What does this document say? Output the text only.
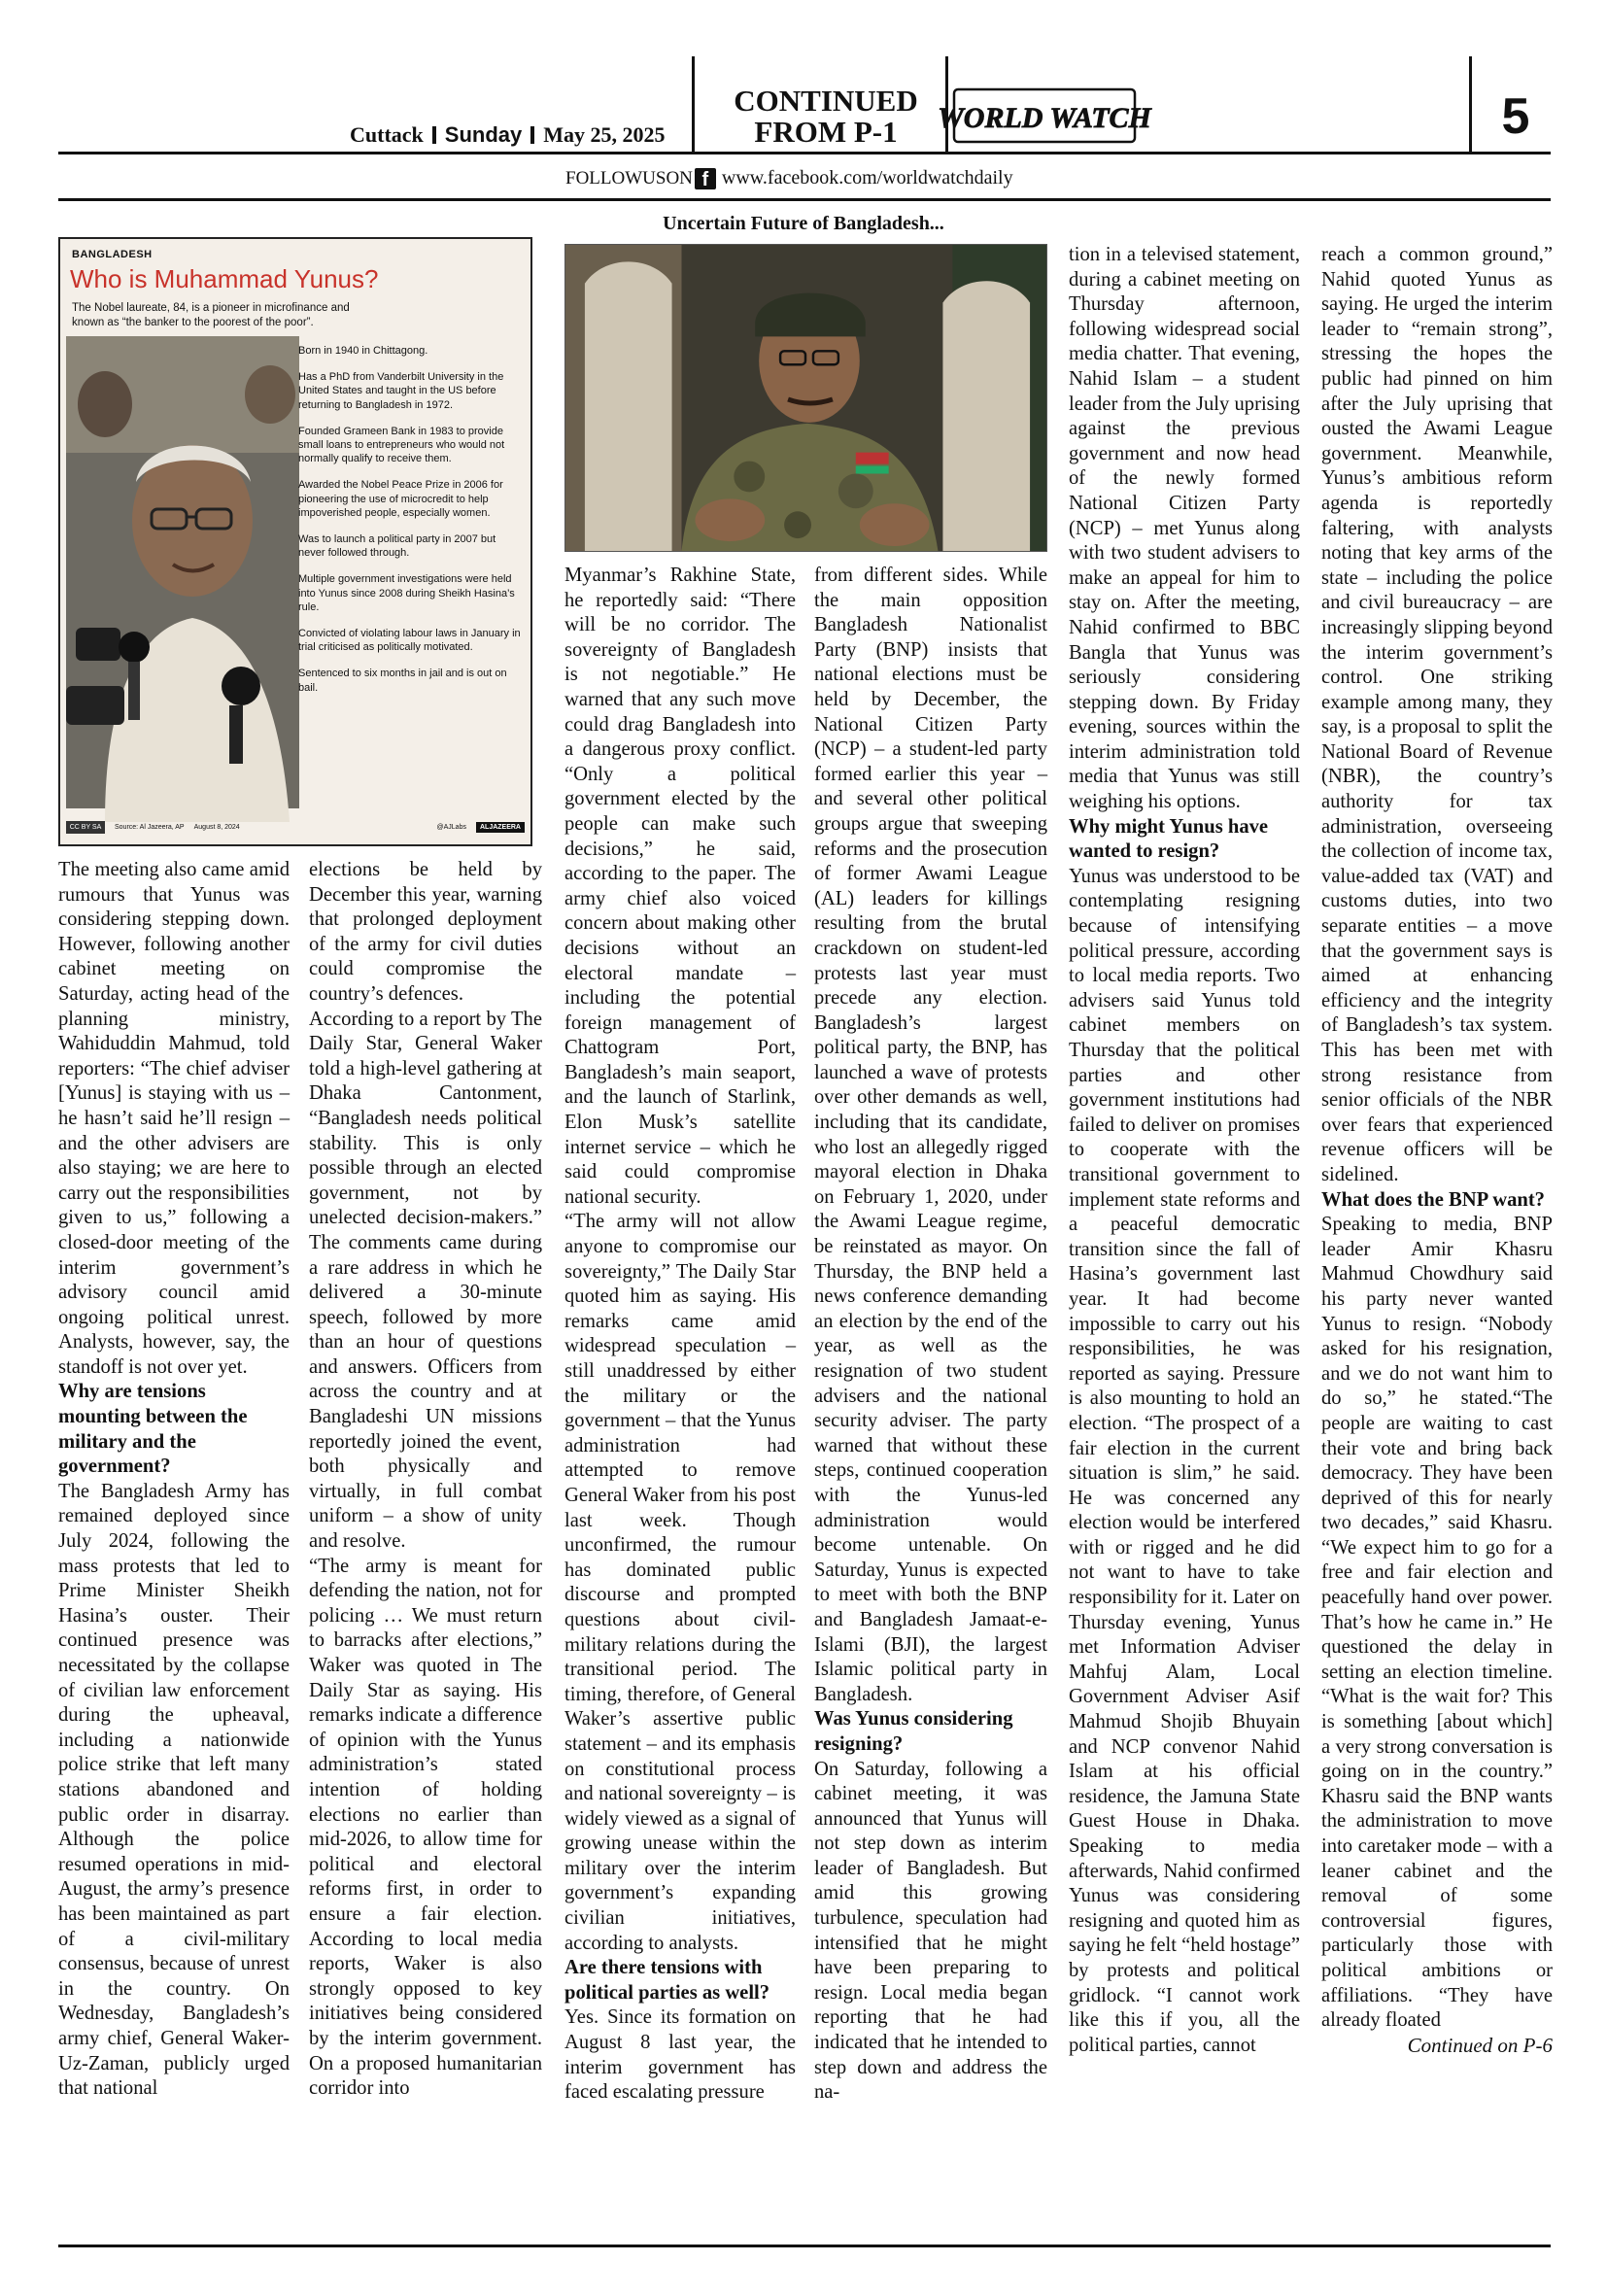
Cuttack Sunday May 25, 2025
CONTINUED
FROM P-1	WORLD WATCH	5
FOLLOWUSON f www.facebook.com/worldwatchdaily
Uncertain Future of Bangladesh...
BANGLADESH
Who is Muhammad Yunus?
The Nobel laureate, 84, is a pioneer in microfinance and known as “the banker to the poorest of the poor”.
Born in 1940 in Chittagong.
Has a PhD from Vanderbilt University in the United States and taught in the US before returning to Bangladesh in 1972.
Founded Grameen Bank in 1983 to provide small loans to entrepreneurs who would not normally qualify to receive them.
Awarded the Nobel Peace Prize in 2006 for pioneering the use of microcredit to help impoverished people, especially women.
Was to launch a political party in 2007 but never followed through.
Multiple government investigations were held into Yunus since 2008 during Sheikh Hasina’s rule.
Convicted of violating labour laws in January in trial criticised as politically motivated.
Sentenced to six months in jail and is out on bail.
CC BY SA	Source: Al Jazeera, AP August 8, 2024	@AJLabs	ALJAZEERA

The meeting also came amid rumours that Yunus was considering stepping down. However, following another cabinet meeting on Saturday, acting head of the planning ministry, Wahiduddin Mahmud, told reporters: “The chief adviser [Yunus] is staying with us – he hasn’t said he’ll resign – and the other advisers are also staying; we are here to carry out the responsibilities given to us,” following a closed-door meeting of the interim government’s advisory council amid ongoing political unrest. Analysts, however, say, the standoff is not over yet.

Why are tensions mounting between the military and the government?

The Bangladesh Army has remained deployed since July 2024, following the mass protests that led to Prime Minister Sheikh Hasina’s ouster. Their continued presence was necessitated by the collapse of civilian law enforcement during the upheaval, including a nationwide police strike that left many stations abandoned and public order in disarray. Although the police resumed operations in mid-August, the army’s presence has been maintained as part of a civil-military consensus, because of unrest in the country. On Wednesday, Bangladesh’s army chief, General Waker-Uz-Zaman, publicly urged that national

elections be held by December this year, warning that prolonged deployment of the army for civil duties could compromise the country’s defences.

According to a report by The Daily Star, General Waker told a high-level gathering at Dhaka Cantonment, “Bangladesh needs political stability. This is only possible through an elected government, not by unelected decision-makers.” The comments came during a rare address in which he delivered a 30-minute speech, followed by more than an hour of questions and answers. Officers from across the country and at Bangladeshi UN missions reportedly joined the event, both physically and virtually, in full combat uniform – a show of unity and resolve.

“The army is meant for defending the nation, not for policing … We must return to barracks after elections,” Waker was quoted in The Daily Star as saying. His remarks indicate a difference of opinion with the Yunus administration’s stated intention of holding elections no earlier than mid-2026, to allow time for political and electoral reforms first, in order to ensure a fair election. According to local media reports, Waker is also strongly opposed to key initiatives being considered by the interim government. On a proposed humanitarian corridor into

Myanmar’s Rakhine State, he reportedly said: “There will be no corridor. The sovereignty of Bangladesh is not negotiable.” He warned that any such move could drag Bangladesh into a dangerous proxy conflict. “Only a political government elected by the people can make such decisions,” he said, according to the paper. The army chief also voiced concern about making other decisions without an electoral mandate – including the potential foreign management of Chattogram Port, Bangladesh’s main seaport, and the launch of Starlink, Elon Musk’s satellite internet service – which he said could compromise national security.

“The army will not allow anyone to compromise our sovereignty,” The Daily Star quoted him as saying. His remarks came amid widespread speculation – still unaddressed by either the military or the government – that the Yunus administration had attempted to remove General Waker from his post last week. Though unconfirmed, the rumour has dominated public discourse and prompted questions about civil-military relations during the transitional period. The timing, therefore, of General Waker’s assertive public statement – and its emphasis on constitutional process and national sovereignty – is widely viewed as a signal of growing unease within the military over the interim government’s expanding civilian initiatives, according to analysts.

Are there tensions with political parties as well?

Yes. Since its formation on August 8 last year, the interim government has faced escalating pressure

from different sides. While the main opposition Bangladesh Nationalist Party (BNP) insists that national elections must be held by December, the National Citizen Party (NCP) – a student-led party formed earlier this year – and several other political groups argue that sweeping reforms and the prosecution of former Awami League (AL) leaders for killings resulting from the brutal crackdown on student-led protests last year must precede any election. Bangladesh’s largest political party, the BNP, has launched a wave of protests over other demands as well, including that its candidate, who lost an allegedly rigged mayoral election in Dhaka on February 1, 2020, under the Awami League regime, be reinstated as mayor. On Thursday, the BNP held a news conference demanding an election by the end of the year, as well as the resignation of two student advisers and the national security adviser. The party warned that without these steps, continued cooperation with the Yunus-led administration would become untenable. On Saturday, Yunus is expected to meet with both the BNP and Bangladesh Jamaat-e-Islami (BJI), the largest Islamic political party in Bangladesh.

Was Yunus considering resigning?

On Saturday, following a cabinet meeting, it was announced that Yunus will not step down as interim leader of Bangladesh. But amid this growing turbulence, speculation had intensified that he might have been preparing to resign. Local media began reporting that he had indicated that he intended to step down and address the na-

tion in a televised statement, during a cabinet meeting on Thursday afternoon, following widespread social media chatter. That evening, Nahid Islam – a student leader from the July uprising against the previous government and now head of the newly formed National Citizen Party (NCP) – met Yunus along with two student advisers to make an appeal for him to stay on. After the meeting, Nahid confirmed to BBC Bangla that Yunus was seriously considering stepping down. By Friday evening, sources within the interim administration told media that Yunus was still weighing his options.

Why might Yunus have wanted to resign?

Yunus was understood to be contemplating resigning because of intensifying political pressure, according to local media reports. Two advisers said Yunus told cabinet members on Thursday that the political parties and other government institutions had failed to deliver on promises to cooperate with the transitional government to implement state reforms and a peaceful democratic transition since the fall of Hasina’s government last year. It had become impossible to carry out his responsibilities, he was reported as saying. Pressure is also mounting to hold an election. “The prospect of a fair election in the current situation is slim,” he said. He was concerned any election would be interfered with or rigged and he did not want to have to take responsibility for it. Later on Thursday evening, Yunus met Information Adviser Mahfuj Alam, Local Government Adviser Asif Mahmud Shojib Bhuyain and NCP convenor Nahid Islam at his official residence, the Jamuna State Guest House in Dhaka. Speaking to media afterwards, Nahid confirmed Yunus was considering resigning and quoted him as saying he felt “held hostage” by protests and political gridlock. “I cannot work like this if you, all the political parties, cannot

reach a common ground,” Nahid quoted Yunus as saying. He urged the interim leader to “remain strong”, stressing the hopes the public had pinned on him after the July uprising that ousted the Awami League government. Meanwhile, Yunus’s ambitious reform agenda is reportedly faltering, with analysts noting that key arms of the state – including the police and civil bureaucracy – are increasingly slipping beyond the interim government’s control. One striking example among many, they say, is a proposal to split the National Board of Revenue (NBR), the country’s authority for tax administration, overseeing the collection of income tax, value-added tax (VAT) and customs duties, into two separate entities – a move that the government says is aimed at enhancing efficiency and the integrity of Bangladesh’s tax system. This has been met with strong resistance from senior officials of the NBR over fears that experienced revenue officers will be sidelined.

What does the BNP want?

Speaking to media, BNP leader Amir Khasru Mahmud Chowdhury said his party never wanted Yunus to resign. “Nobody asked for his resignation, and we do not want him to do so,” he stated.“The people are waiting to cast their vote and bring back democracy. They have been deprived of this for nearly two decades,” said Khasru. “We expect him to go for a free and fair election and peacefully hand over power. That’s how he came in.” He questioned the delay in setting an election timeline. “What is the wait for? This is something [about which] a very strong conversation is going on in the country.” Khasru said the BNP wants the administration to move into caretaker mode – with a leaner cabinet and the removal of some controversial figures, particularly those with political ambitions or affiliations. “They have already floated

Continued on P-6
